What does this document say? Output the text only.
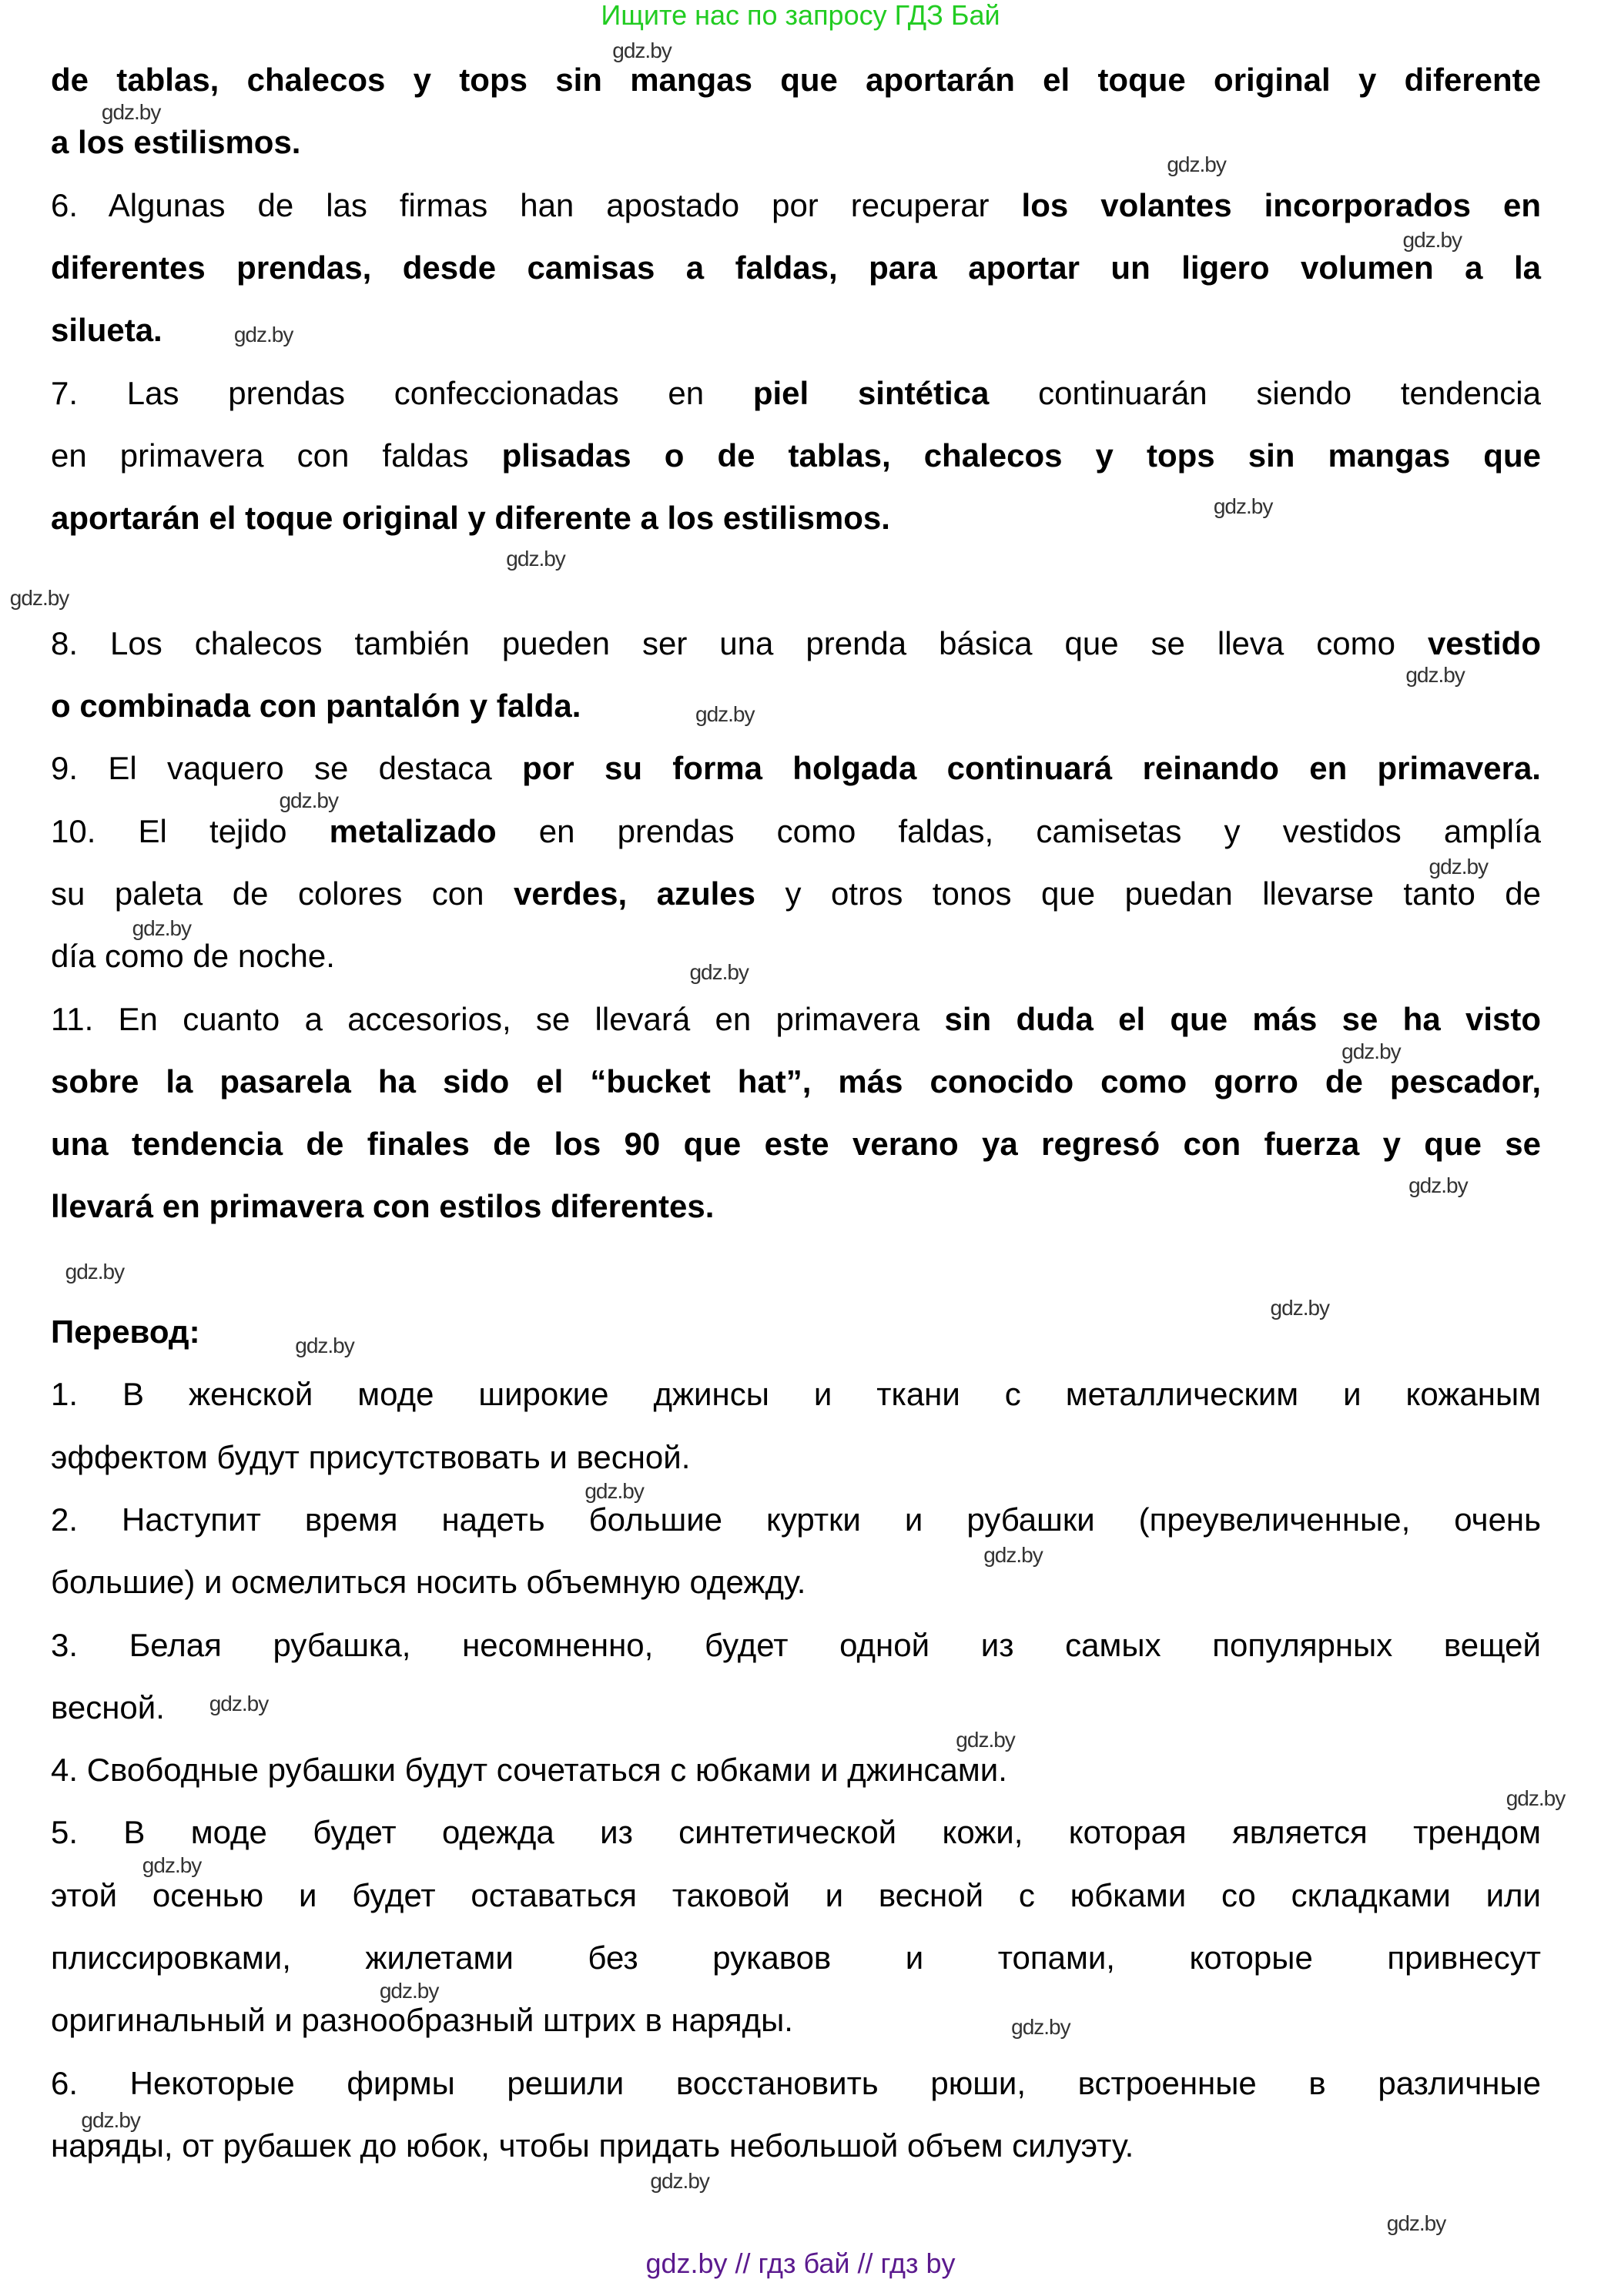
Ищите нас по запросу ГДЗ Бай
de tablas, chalecos y tops sin mangas que aportarán el toque original y diferente
a los estilismos.
6. Algunas de las firmas han apostado por recuperar los volantes incorporados en
diferentes prendas, desde camisas a faldas, para aportar un ligero volumen a la
silueta.
7. Las prendas confeccionadas en piel sintética continuarán siendo tendencia
en primavera con faldas plisadas o de tablas, chalecos y tops sin mangas que
aportarán el toque original y diferente a los estilismos.
8. Los chalecos también pueden ser una prenda básica que se lleva como vestido
o combinada con pantalón y falda.
9. El vaquero se destaca por su forma holgada continuará reinando en primavera.
10. El tejido metalizado en prendas como faldas, camisetas y vestidos amplía
su paleta de colores con verdes, azules y otros tonos que puedan llevarse tanto de
día como de noche.
11. En cuanto a accesorios, se llevará en primavera sin duda el que más se ha visto
sobre la pasarela ha sido el “bucket hat”, más conocido como gorro de pescador,
una tendencia de finales de los 90 que este verano ya regresó con fuerza y que se
llevará en primavera con estilos diferentes.
Перевод:
1. В женской моде широкие джинсы и ткани с металлическим и кожаным
эффектом будут присутствовать и весной.
2. Наступит время надеть большие куртки и рубашки (преувеличенные, очень
большие) и осмелиться носить объемную одежду.
3. Белая рубашка, несомненно, будет одной из самых популярных вещей
весной.
4. Свободные рубашки будут сочетаться с юбками и джинсами.
5. В моде будет одежда из синтетической кожи, которая является трендом
этой осенью и будет оставаться таковой и весной с юбками со складками или
плиссировками, жилетами без рукавов и топами, которые привнесут
оригинальный и разнообразный штрих в наряды.
6. Некоторые фирмы решили восстановить рюши, встроенные в различные
наряды, от рубашек до юбок, чтобы придать небольшой объем силуэту.
gdz.by
gdz.by
gdz.by
gdz.by
gdz.by
gdz.by
gdz.by
gdz.by
gdz.by
gdz.by
gdz.by
gdz.by
gdz.by
gdz.by
gdz.by
gdz.by
gdz.by
gdz.by
gdz.by
gdz.by
gdz.by
gdz.by
gdz.by
gdz.by
gdz.by
gdz.by
gdz.by
gdz.by
gdz.by
gdz.by
gdz.by // гдз бай // гдз by
